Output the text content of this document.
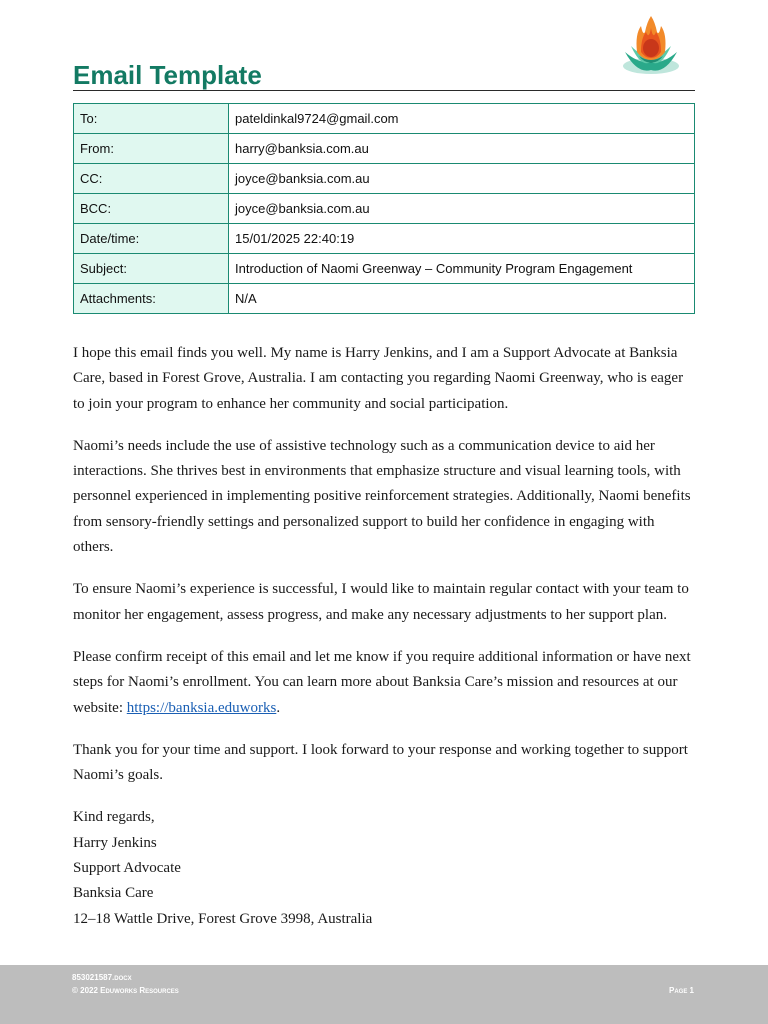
Email Template
To:	pateldinkal9724@gmail.com
From:	harry@banksia.com.au
CC:	joyce@banksia.com.au
BCC:	joyce@banksia.com.au
Date/time:	15/01/2025 22:40:19
Subject:	Introduction of Naomi Greenway – Community Program Engagement
Attachments:	N/A

I hope this email finds you well. My name is Harry Jenkins, and I am a Support Advocate at Banksia Care, based in Forest Grove, Australia. I am contacting you regarding Naomi Greenway, who is eager to join your program to enhance her community and social participation.

Naomi’s needs include the use of assistive technology such as a communication device to aid her interactions. She thrives best in environments that emphasize structure and visual learning tools, with personnel experienced in implementing positive reinforcement strategies. Additionally, Naomi benefits from sensory-friendly settings and personalized support to build her confidence in engaging with others.

To ensure Naomi’s experience is successful, I would like to maintain regular contact with your team to monitor her engagement, assess progress, and make any necessary adjustments to her support plan.

Please confirm receipt of this email and let me know if you require additional information or have next steps for Naomi’s enrollment. You can learn more about Banksia Care’s mission and resources at our website: https://banksia.eduworks.

Thank you for your time and support. I look forward to your response and working together to support Naomi’s goals.

Kind regards,

Harry Jenkins

Support Advocate

Banksia Care

12–18 Wattle Drive, Forest Grove 3998, Australia

853021587.docx
© 2022 Eduworks Resources	Page 1
